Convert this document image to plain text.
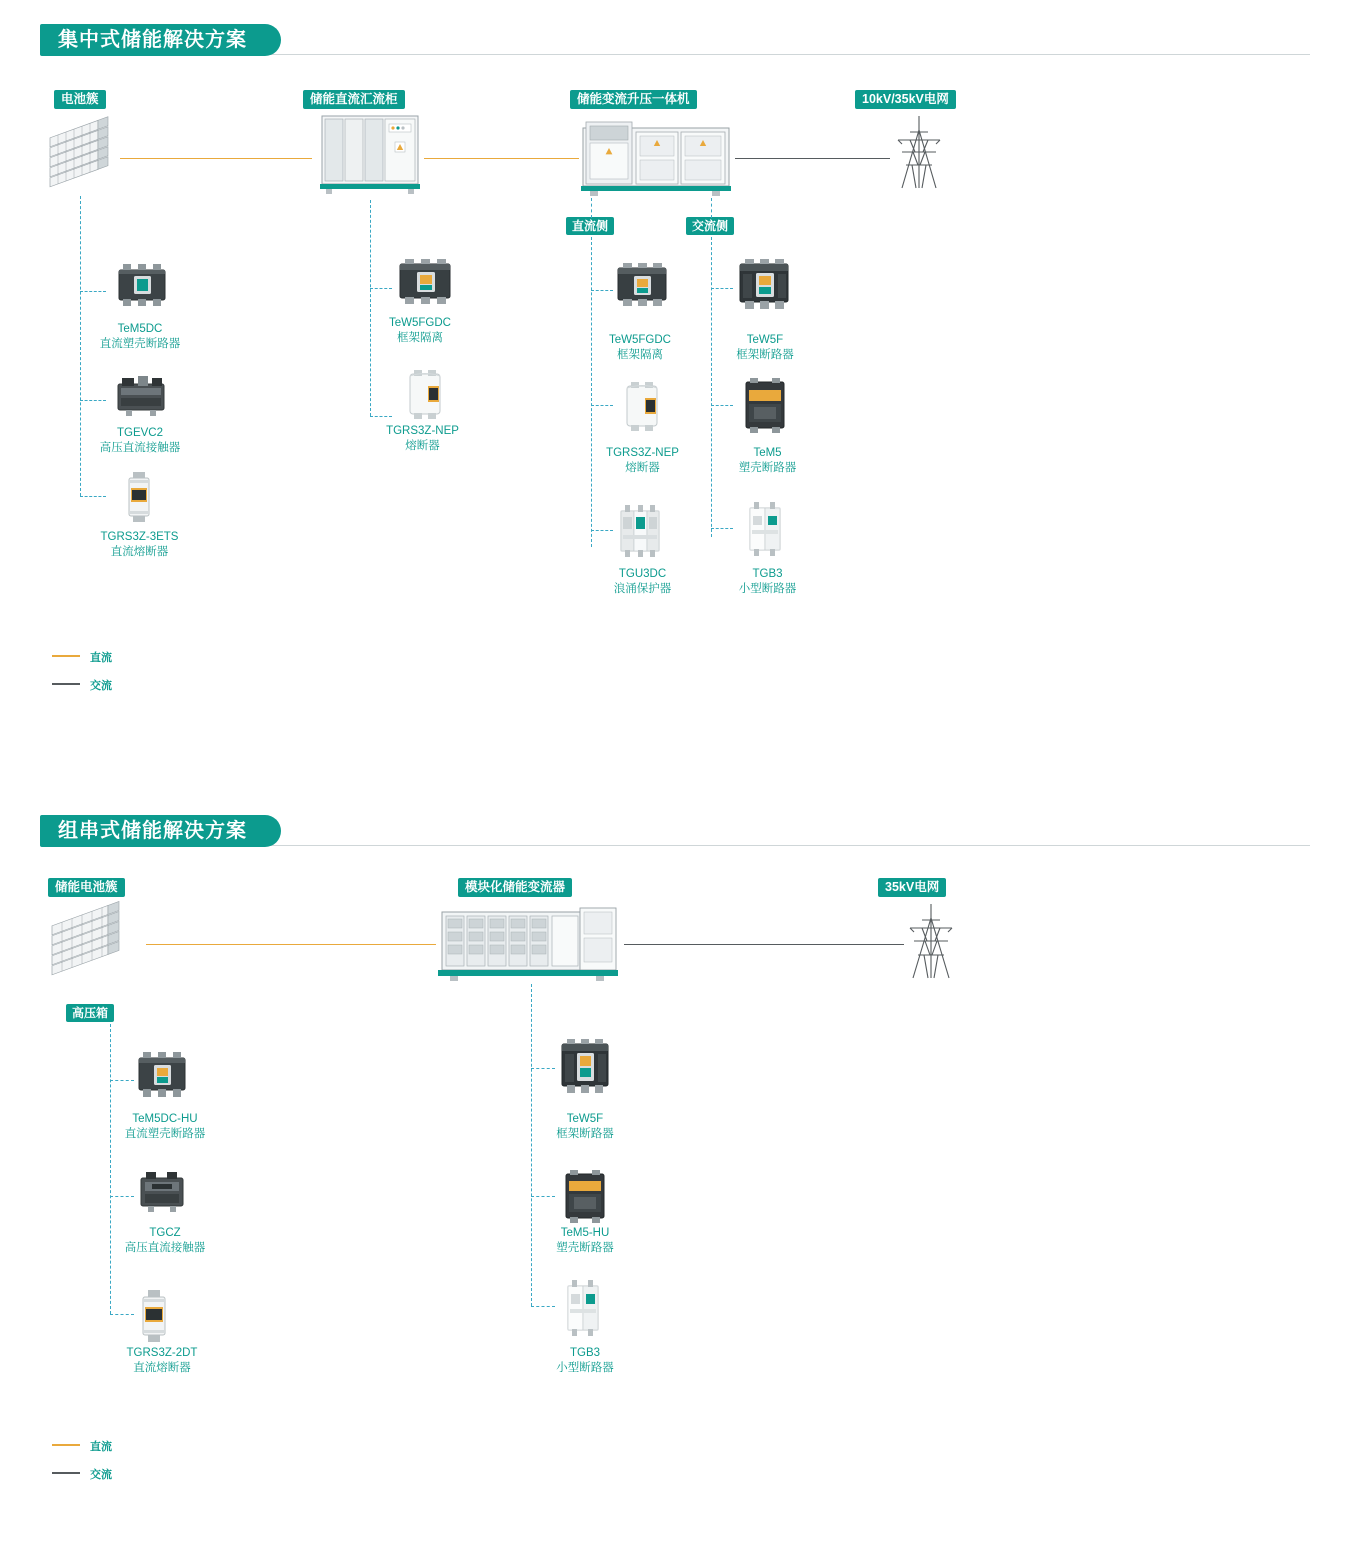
集中式储能解决方案
电池簇	储能直流汇流柜	储能变流升压一体机	10kV/35kV电网
直流侧	交流侧
TeM5DC
直流塑壳断路器
TGEVC2
高压直流接触器
TGRS3Z-3ETS
直流熔断器
TeW5FGDC
框架隔离
TGRS3Z-NEP
熔断器
TeW5FGDC
框架隔离
TGRS3Z-NEP
熔断器
TGU3DC
浪涌保护器
TeW5F
框架断路器
TeM5
塑壳断路器
TGB3
小型断路器
直流
交流
组串式储能解决方案
储能电池簇	模块化储能变流器	35kV电网
高压箱
TeM5DC-HU
直流塑壳断路器
TGCZ
高压直流接触器
TGRS3Z-2DT
直流熔断器
TeW5F
框架断路器
TeM5-HU
塑壳断路器
TGB3
小型断路器
直流
交流
